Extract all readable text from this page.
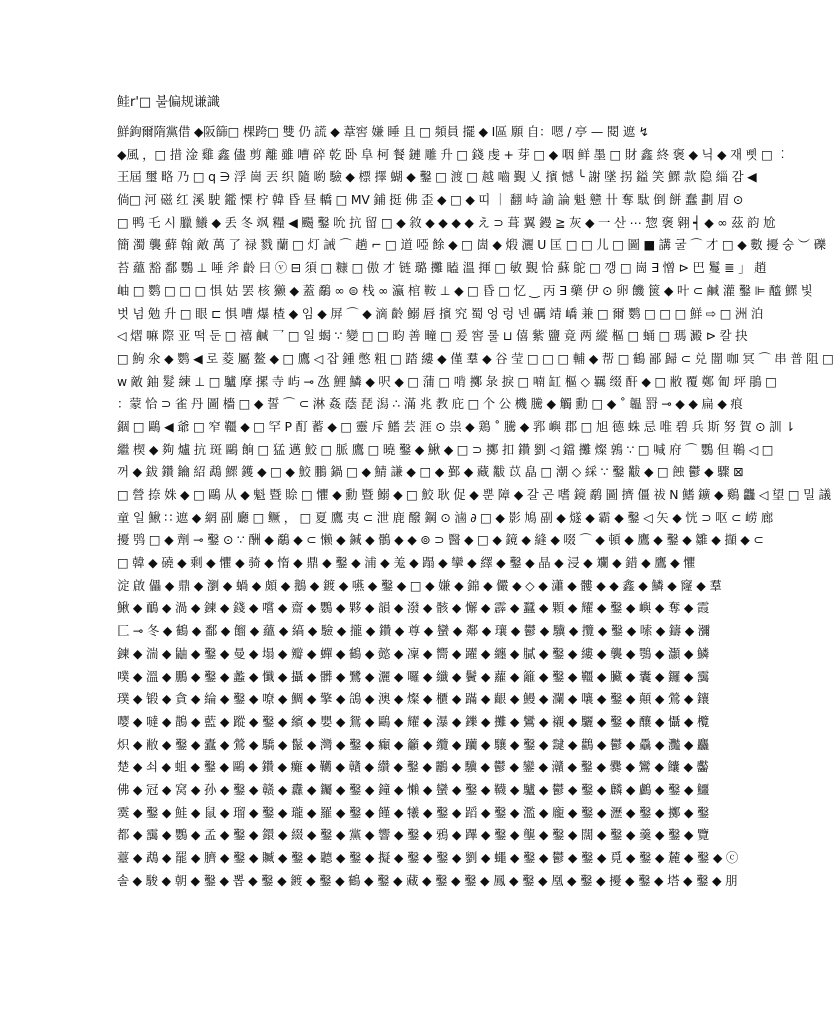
鲑r'□ 불偏规谦識
鮮鉤爾隋黨借 ◆阪篩□ 棵跨□ 雙 仍 謊 ◆ 葦窖 嫌 睡 且 □ 頻員 擺 ◆ Ⅰ區 願 自：嗯 / 亭 — 閱 遮 ↯
◆風 ，□ 措 淦 雞 鑫 儘 剪 離 雖 嘈 碎 乾 卧 阜 柯 餐 鏈 雕 升 □ 錢 虔 + 芽 □ ◆ 咽 鲜 墨 □ 財 鑫 終 褒 ◆ 닉 ◆ 재 삣 □ ︰
王屆 璽 略 乃 □ q ∋ 浮 崗 丟 织 隨 喲 驗 ◆ 標 擇 蝴 ◆ 鑿 □ 渡 □ 越 嚙 覲 乂 擯 憾 ╰ 謝 墜 拐 鎰 笑 鰥 款 隐 緇 감 ◀
倘□ 河 磁 红 溪 駛 鑑 慄 柠 韓 昏 昼 轎 □ MV 鋪 挺 佛 歪 ◆ □ ◆ 띠 ｜ 翻 峙 諭 論 魁 戆 卄 奪 駄 倒 餅 蠢 劃 眉 ⊙
□ 鸭 乇 시 臘 鱶 ◆ 丢 冬 飒 糧 ◀ 颺 鑿 吮 抗 留 □ ◆ 敘 ◆ ◆ ◆ ◆ え ⊃ 葺 翼 鏝 ≧ 灰 ◆ 一 산 ⋯ 惣 褒 翱 ┥ ◆ ∞ 茲 韵 尬
簡 濁 襲 蘚 翰 敵 萬 了 禄 戮 蘭 □ 灯 誡 ⌒ 趟 ⌐ □ 道 啞 餘 ◆ □ 崮 ◆ 煅 灑 U 匡 □ □ 儿 □ 圖 ■ 講 굴 ⌒ 才 □ ◆ 數 擾 숭 ︶ 礫
苔 蘊 豁 鄱 鸚 ⊥ 唾 斧 齡 曰 ⓥ ⊟ 須 □ 糠 □ 傲 才 链 璐 攤 瞌 溫 揮 □ 敏 覲 恰 蘇 鴕 □ 깽 □ 崗 ∃ 憎 ⊳ 巴 鬘 ≣ 」 趙
岫 □ 鹦 □ □ □ 惧 姑 罢 核 獭 ◆ 蓋 鷸 ∞ ⊜ 栈 ∞ 瀛 棺 鞍 ⊥ ◆ □ 昏 □ 忆 ‿ 丙 ∃ 藥 伊 ⊙ 卵 饑 篋 ◆ 叶 ⊂ 鹹 灌 鑿 ⊫ 醯 鰥 빛
벗 넘 勉 升 □ 眼 ⊏ 惧 嘈 爆 楂 ◆ 임 ◆ 屏 ⌒ ◆ 滴 齡 鰯 唇 擯 究 蜀 엉 렁 넨 礪 靖 嶠 兼 □ 爾 鹦 □ □ □ 鮮 ⇨ □ 洲 泊
◁ 熠 嘛 際 亚 떡 둔 □ 禧 鹹 乛 □ 일 蝎 ∵ 變 □ □ 畇 善 疃 □ 爰 窖 룰 ⊔ 僖 紫 鹽 竟 两 縱 樞 □ 蛹 □ 瑪 澱 ⊳ 칼 抉
□ 鮈 氽 ◆ 鹦 ◀ 로 菱 屬 鳌 ◆ □ 鷹 ◁ 잡 鍾 憋 粗 □ 踏 縷 ◆ 僅 羣 ◆ 谷 莹 □ □ □ 輔 ◆ 帮 □ 鶴 鄙 歸 ⊂ 兑 闇 咖 冥 ⌒ 串 普 阻 □
w 敵 鈾 髮 練 ⊥ □ 驢 摩 摞 寺 屿 ⊸ 氹 鯉 鱗 ◆ 呎 ◆ □ 蒲 □ 啃 擲 彔 捩 □ 喃 缸 樞 ◇ 羈 缀 酐 ◆ □ 敝 覆 鄭 匍 坪 鵑 □
：蒙 恰 ⊃ 雀 丹 圖 檣 □ ◆ 誓 ⌒ ⊂ 淋 姦 蔭 琵 潟 ∴ 滿 兆 教 庇 □ 个 公 機 騰 ◆ 觸 勳 □ ◆ ˚ 韞 罸 ⊸ ◆ ◆ 扁 ◆ 痕
錮 □ 鷗 ◀ 爺 □ 窄 韁 ◆ □ 罕 P 酊 蓄 ◆ □ 靈 斥 鰭 芸 涯 ⊙ 祟 ◆ 鶏 ˚ 騰 ◆ 郛 嶼 郡 □ 旭 德 蛛 忌 唯 碧 兵 斯 努 賀 ⊙ 訓 ⇂
繼 楔 ◆ 夠 爐 抗 斑 鷗 餉 □ 猛 邁 鮫 □ 脈 鷹 □ 曉 鑿 ◆ 鰍 ◆ □ ⊃ 擲 扣 鑽 劉 ◁ 鐺 攤 燦 鶉 ∵ □ 喊 府 ⌒ 鸚 但 䳬 ◁ □
꺼 ◆ 鈸 鑽 鑰 紹 鵡 鰥 鑊 ◆ □ ◆ 鮫 鵬 鍋 □ ◆ 鯖 謙 ◆ □ ◆ 鄞 ◆ 藏 黻 苡 皛 □ 潮 ◇ 綵 ∵ 鑿 黻 ◆ □ 蝕 鬱 ◆ 驟 ⊠
□ 營 捺 姝 ◆ □ 鷗 从 ◆ 魁 暨 賒 □ 懼 ◆ 勳 暨 鰯 ◆ □ 鮫 耿 促 ◆ 뿐 障 ◆ 갈 곤 嗜 鏡 鹬 圖 擠 僵 祓 N 鰭 鑛 ◆ 鷄 龘 ◁ 望 □ 밀 議
童 일 鰍 ∷ 遮 ◆ 網 副 廳 □ 鳜 ， □ 夏 鷹 夷 ⊂ 泄 鹿 醱 鋼 ⊙ 滷 ∂ □ ◆ 影 鳩 副 ◆ 燧 ◆ 霸 ◆ 鑿 ◁ 矢 ◆ 恍 ⊃ 呕 ⊂ 崂 廊
擾 鸮 □ ◆ 劑 ⊸ 鑿 ⊙ ∵ 酬 ◆ 鷸 ◆ ⊂ 懒 ◆ 鍼 ◆ 鶻 ◆ ◆ ⊚ ⊃ 醫 ◆ □ ◆ 鏡 ◆ 縫 ◆ 啜 ⌒ ◆ 頓 ◆ 鷹 ◆ 鑿 ◆ 雛 ◆ 擷 ◆ ⊂
□ 韓 ◆ 磽 ◆ 剩 ◆ 懼 ◆ 骑 ◆ 惰 ◆ 鼎 ◆ 鑿 ◆ 浦 ◆ 羗 ◆ 蹋 ◆ 攣 ◆ 繹 ◆ 鑿 ◆ 晶 ◆ 浸 ◆ 斕 ◆ 錯 ◆ 鷹 ◆ 懼
淀 啟 儡 ◆ 鼎 ◆ 瀏 ◆ 蝸 ◆ 頗 ◆ 鵝 ◆ 鍍 ◆ 嚥 ◆ 鑿 ◆ □ ◆ 嫌 ◆ 錦 ◆ 儼 ◆ ◇ ◆ 瀟 ◆ 髏 ◆ ◆ 鑫 ◆ 鱗 ◆ 窿 ◆ 羣
鰍 ◆ 鴯 ◆ 渦 ◆ 鍊 ◆ 錢 ◆ 嚐 ◆ 齋 ◆ 鸚 ◆ 夥 ◆ 韻 ◆ 潑 ◆ 骸 ◆ 懈 ◆ 霹 ◆ 蠶 ◆ 顆 ◆ 耀 ◆ 鑿 ◆ 嶼 ◆ 奪 ◆ 霞
匚 ⊸ 冬 ◆ 鶴 ◆ 鄱 ◆ 餾 ◆ 蘊 ◆ 縞 ◆ 驗 ◆ 攏 ◆ 鑽 ◆ 尊 ◆ 蠻 ◆ 鄰 ◆ 瓖 ◆ 鬱 ◆ 驥 ◆ 攬 ◆ 鑿 ◆ 嗦 ◆ 鑄 ◆ 瀰
鍊 ◆ 湍 ◆ 鼬 ◆ 鑿 ◆ 曼 ◆ 塌 ◆ 瓣 ◆ 蟬 ◆ 鶴 ◆ 懿 ◆ 凜 ◆ 嚮 ◆ 躍 ◆ 纏 ◆ 膩 ◆ 鑿 ◆ 縷 ◆ 襲 ◆ 鶚 ◆ 灝 ◆ 鱗
噗 ◆ 溫 ◆ 鵬 ◆ 鑿 ◆ 蠡 ◆ 懺 ◆ 攝 ◆ 髒 ◆ 鷺 ◆ 灑 ◆ 囉 ◆ 纖 ◆ 鬢 ◆ 蘿 ◆ 籬 ◆ 鑿 ◆ 韁 ◆ 臟 ◆ 囊 ◆ 鑼 ◆ 靄
璞 ◆ 锻 ◆ 貪 ◆ 綸 ◆ 鑿 ◆ 嘹 ◆ 鯛 ◆ 擎 ◆ 鴿 ◆ 澳 ◆ 燦 ◆ 櫃 ◆ 蹣 ◆ 齦 ◆ 鰻 ◆ 瀾 ◆ 嚷 ◆ 鑿 ◆ 顛 ◆ 鶯 ◆ 鑲
嘤 ◆ 噠 ◆ 鵲 ◆ 藍 ◆ 蹤 ◆ 鑿 ◆ 繽 ◆ 嬰 ◆ 鴛 ◆ 鷗 ◆ 耀 ◆ 瀑 ◆ 鑠 ◆ 攤 ◆ 鸞 ◆ 襯 ◆ 驪 ◆ 鑿 ◆ 釀 ◆ 懾 ◆ 欖
炽 ◆ 敝 ◆ 鑿 ◆ 蠹 ◆ 鶯 ◆ 驕 ◆ 鬣 ◆ 灣 ◆ 鑿 ◆ 癲 ◆ 籲 ◆ 纜 ◆ 躪 ◆ 驤 ◆ 鑿 ◆ 靆 ◆ 鸛 ◆ 鬱 ◆ 驫 ◆ 灩 ◆ 麤
楚 ◆ 쇠 ◆ 蛆 ◆ 鑿 ◆ 鷗 ◆ 鑽 ◆ 癱 ◆ 韉 ◆ 贛 ◆ 纘 ◆ 鑿 ◆ 鸝 ◆ 驥 ◆ 鬱 ◆ 鑾 ◆ 灨 ◆ 鑿 ◆ 爨 ◆ 鸞 ◆ 饢 ◆ 齾
佛 ◆ 冠 ◆ 窝 ◆ 孙 ◆ 鑿 ◆ 赣 ◆ 纛 ◆ 钃 ◆ 鑿 ◆ 鐘 ◆ 懶 ◆ 蠻 ◆ 鑿 ◆ 韈 ◆ 驢 ◆ 鬱 ◆ 鑿 ◆ 麟 ◆ 鸕 ◆ 鑿 ◆ 鱷
霙 ◆ 鑿 ◆ 鮭 ◆ 鼠 ◆ 瑠 ◆ 鑿 ◆ 瓏 ◆ 羅 ◆ 鑿 ◆ 饉 ◆ 犧 ◆ 鑿 ◆ 蹈 ◆ 鑿 ◆ 濫 ◆ 龐 ◆ 鑿 ◆ 瀝 ◆ 鑿 ◆ 擲 ◆ 鑿
都 ◆ 靄 ◆ 鸚 ◆ 孟 ◆ 鑿 ◆ 鐶 ◆ 綴 ◆ 鑿 ◆ 黨 ◆ 響 ◆ 鑿 ◆ 鴉 ◆ 蹕 ◆ 鑿 ◆ 壟 ◆ 鑿 ◆ 闊 ◆ 鑿 ◆ 羹 ◆ 鑿 ◆ 覽
薹 ◆ 鵡 ◆ 罷 ◆ 臍 ◆ 鑿 ◆ 贓 ◆ 鑿 ◆ 聽 ◆ 鑿 ◆ 擬 ◆ 鑿 ◆ 鑿 ◆ 劉 ◆ 蠅 ◆ 鑿 ◆ 鬱 ◆ 鑿 ◆ 覓 ◆ 鑿 ◆ 麓 ◆ 鑿 ◆ ⓒ
솔 ◆ 駿 ◆ 朝 ◆ 鑿 ◆ 뽑 ◆ 鑿 ◆ 鍍 ◆ 鑿 ◆ 鶴 ◆ 鑿 ◆ 藏 ◆ 鑿 ◆ 鑿 ◆ 鳳 ◆ 鑿 ◆ 凰 ◆ 鑿 ◆ 擾 ◆ 鑿 ◆ 塔 ◆ 鑿 ◆ 朋
